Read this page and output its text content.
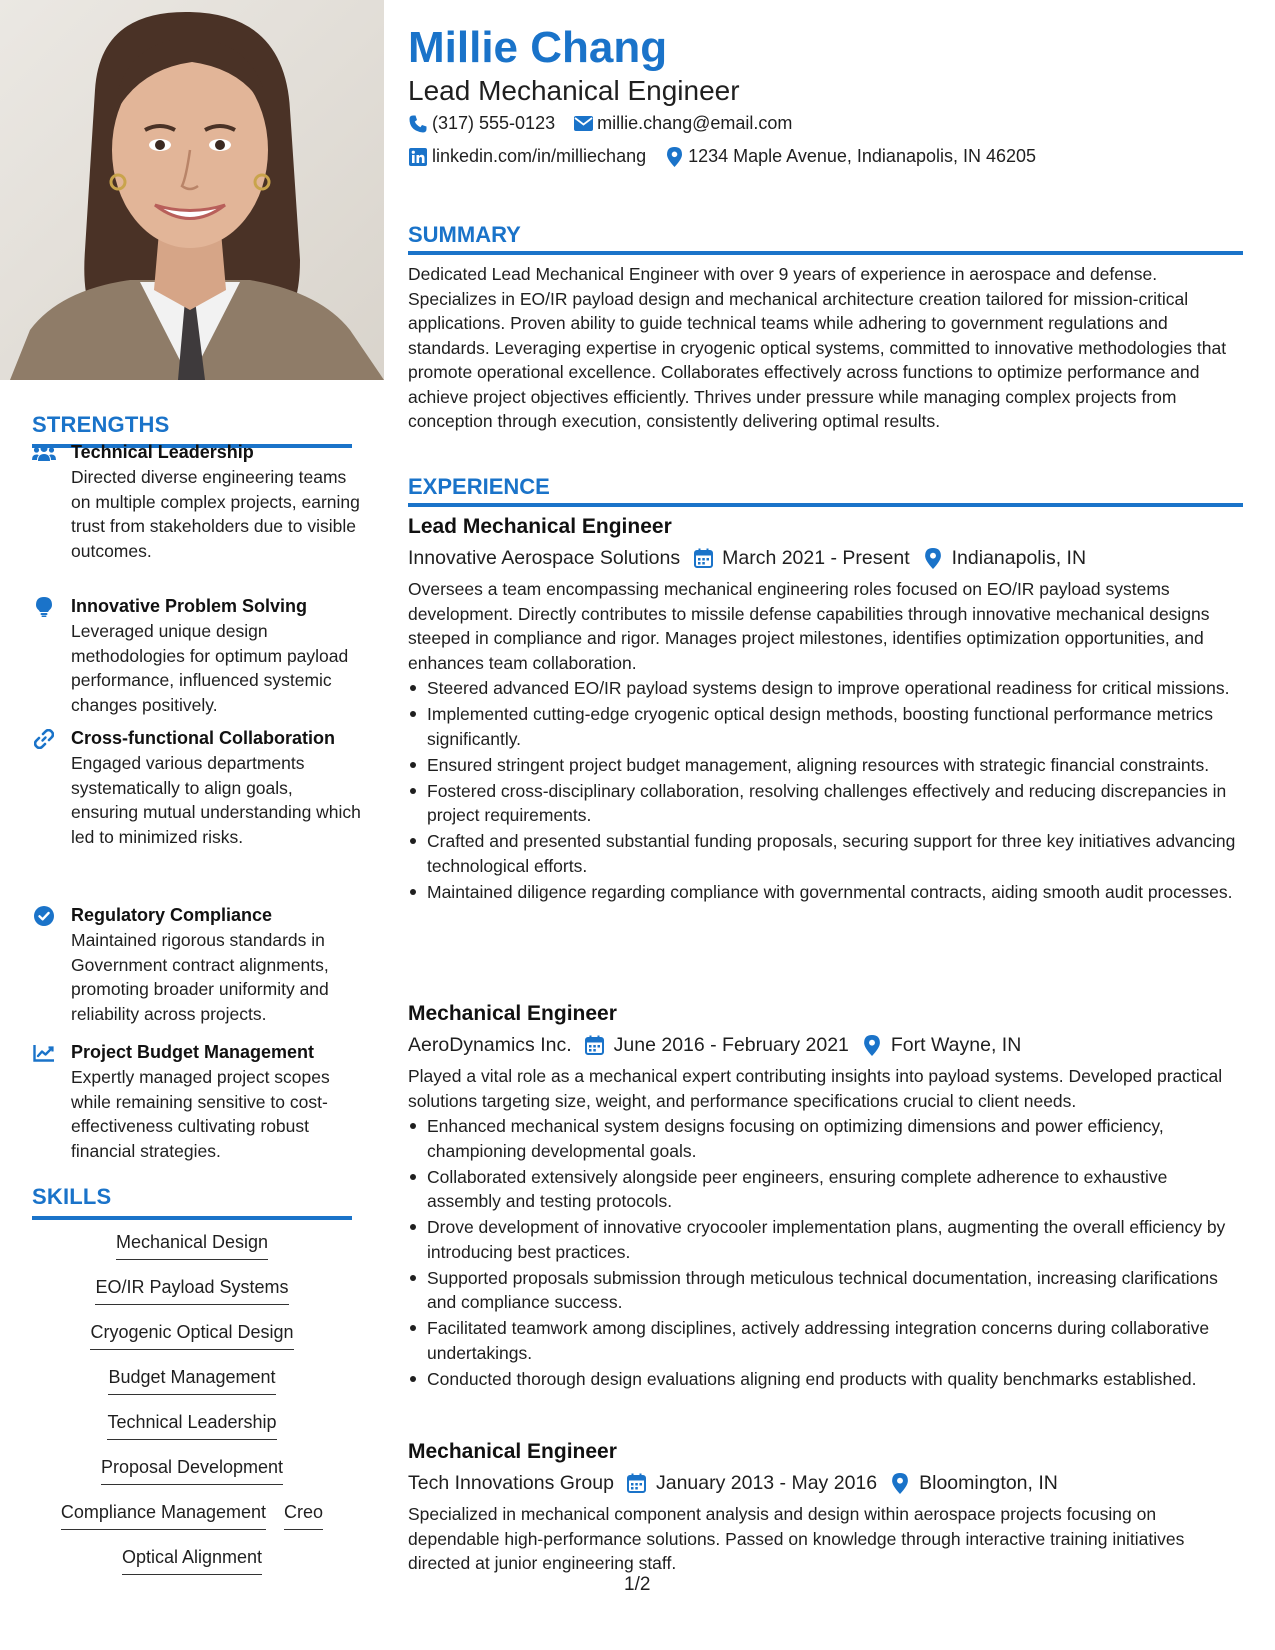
STRENGTHS
Technical Leadership
Directed diverse engineering teams on multiple complex projects, earning trust from stakeholders due to visible outcomes.
Innovative Problem Solving
Leveraged unique design methodologies for optimum payload performance, influenced systemic changes positively.
Cross-functional Collaboration
Engaged various departments systematically to align goals, ensuring mutual understanding which led to minimized risks.
Regulatory Compliance
Maintained rigorous standards in Government contract alignments, promoting broader uniformity and reliability across projects.
Project Budget Management
Expertly managed project scopes while remaining sensitive to cost-effectiveness cultivating robust financial strategies.
SKILLS
Mechanical Design
EO/IR Payload Systems
Cryogenic Optical Design
Budget Management
Technical Leadership
Proposal Development
Compliance Management Creo
Optical Alignment
Millie Chang
Lead Mechanical Engineer
(317) 555-0123 millie.chang@email.com
linkedin.com/in/milliechang 1234 Maple Avenue, Indianapolis, IN 46205
SUMMARY
Dedicated Lead Mechanical Engineer with over 9 years of experience in aerospace and defense. Specializes in EO/IR payload design and mechanical architecture creation tailored for mission-critical applications. Proven ability to guide technical teams while adhering to government regulations and standards. Leveraging expertise in cryogenic optical systems, committed to innovative methodologies that promote operational excellence. Collaborates effectively across functions to optimize performance and achieve project objectives efficiently. Thrives under pressure while managing complex projects from conception through execution, consistently delivering optimal results.
EXPERIENCE
Lead Mechanical Engineer
Innovative Aerospace Solutions March 2021 - Present Indianapolis, IN
Oversees a team encompassing mechanical engineering roles focused on EO/IR payload systems development. Directly contributes to missile defense capabilities through innovative mechanical designs steeped in compliance and rigor. Manages project milestones, identifies optimization opportunities, and enhances team collaboration.
Steered advanced EO/IR payload systems design to improve operational readiness for critical missions.
Implemented cutting-edge cryogenic optical design methods, boosting functional performance metrics significantly.
Ensured stringent project budget management, aligning resources with strategic financial constraints.
Fostered cross-disciplinary collaboration, resolving challenges effectively and reducing discrepancies in project requirements.
Crafted and presented substantial funding proposals, securing support for three key initiatives advancing technological efforts.
Maintained diligence regarding compliance with governmental contracts, aiding smooth audit processes.
Mechanical Engineer
AeroDynamics Inc. June 2016 - February 2021 Fort Wayne, IN
Played a vital role as a mechanical expert contributing insights into payload systems. Developed practical solutions targeting size, weight, and performance specifications crucial to client needs.
Enhanced mechanical system designs focusing on optimizing dimensions and power efficiency, championing developmental goals.
Collaborated extensively alongside peer engineers, ensuring complete adherence to exhaustive assembly and testing protocols.
Drove development of innovative cryocooler implementation plans, augmenting the overall efficiency by introducing best practices.
Supported proposals submission through meticulous technical documentation, increasing clarifications and compliance success.
Facilitated teamwork among disciplines, actively addressing integration concerns during collaborative undertakings.
Conducted thorough design evaluations aligning end products with quality benchmarks established.
Mechanical Engineer
Tech Innovations Group January 2013 - May 2016 Bloomington, IN
Specialized in mechanical component analysis and design within aerospace projects focusing on dependable high-performance solutions. Passed on knowledge through interactive training initiatives directed at junior engineering staff.
1/2
